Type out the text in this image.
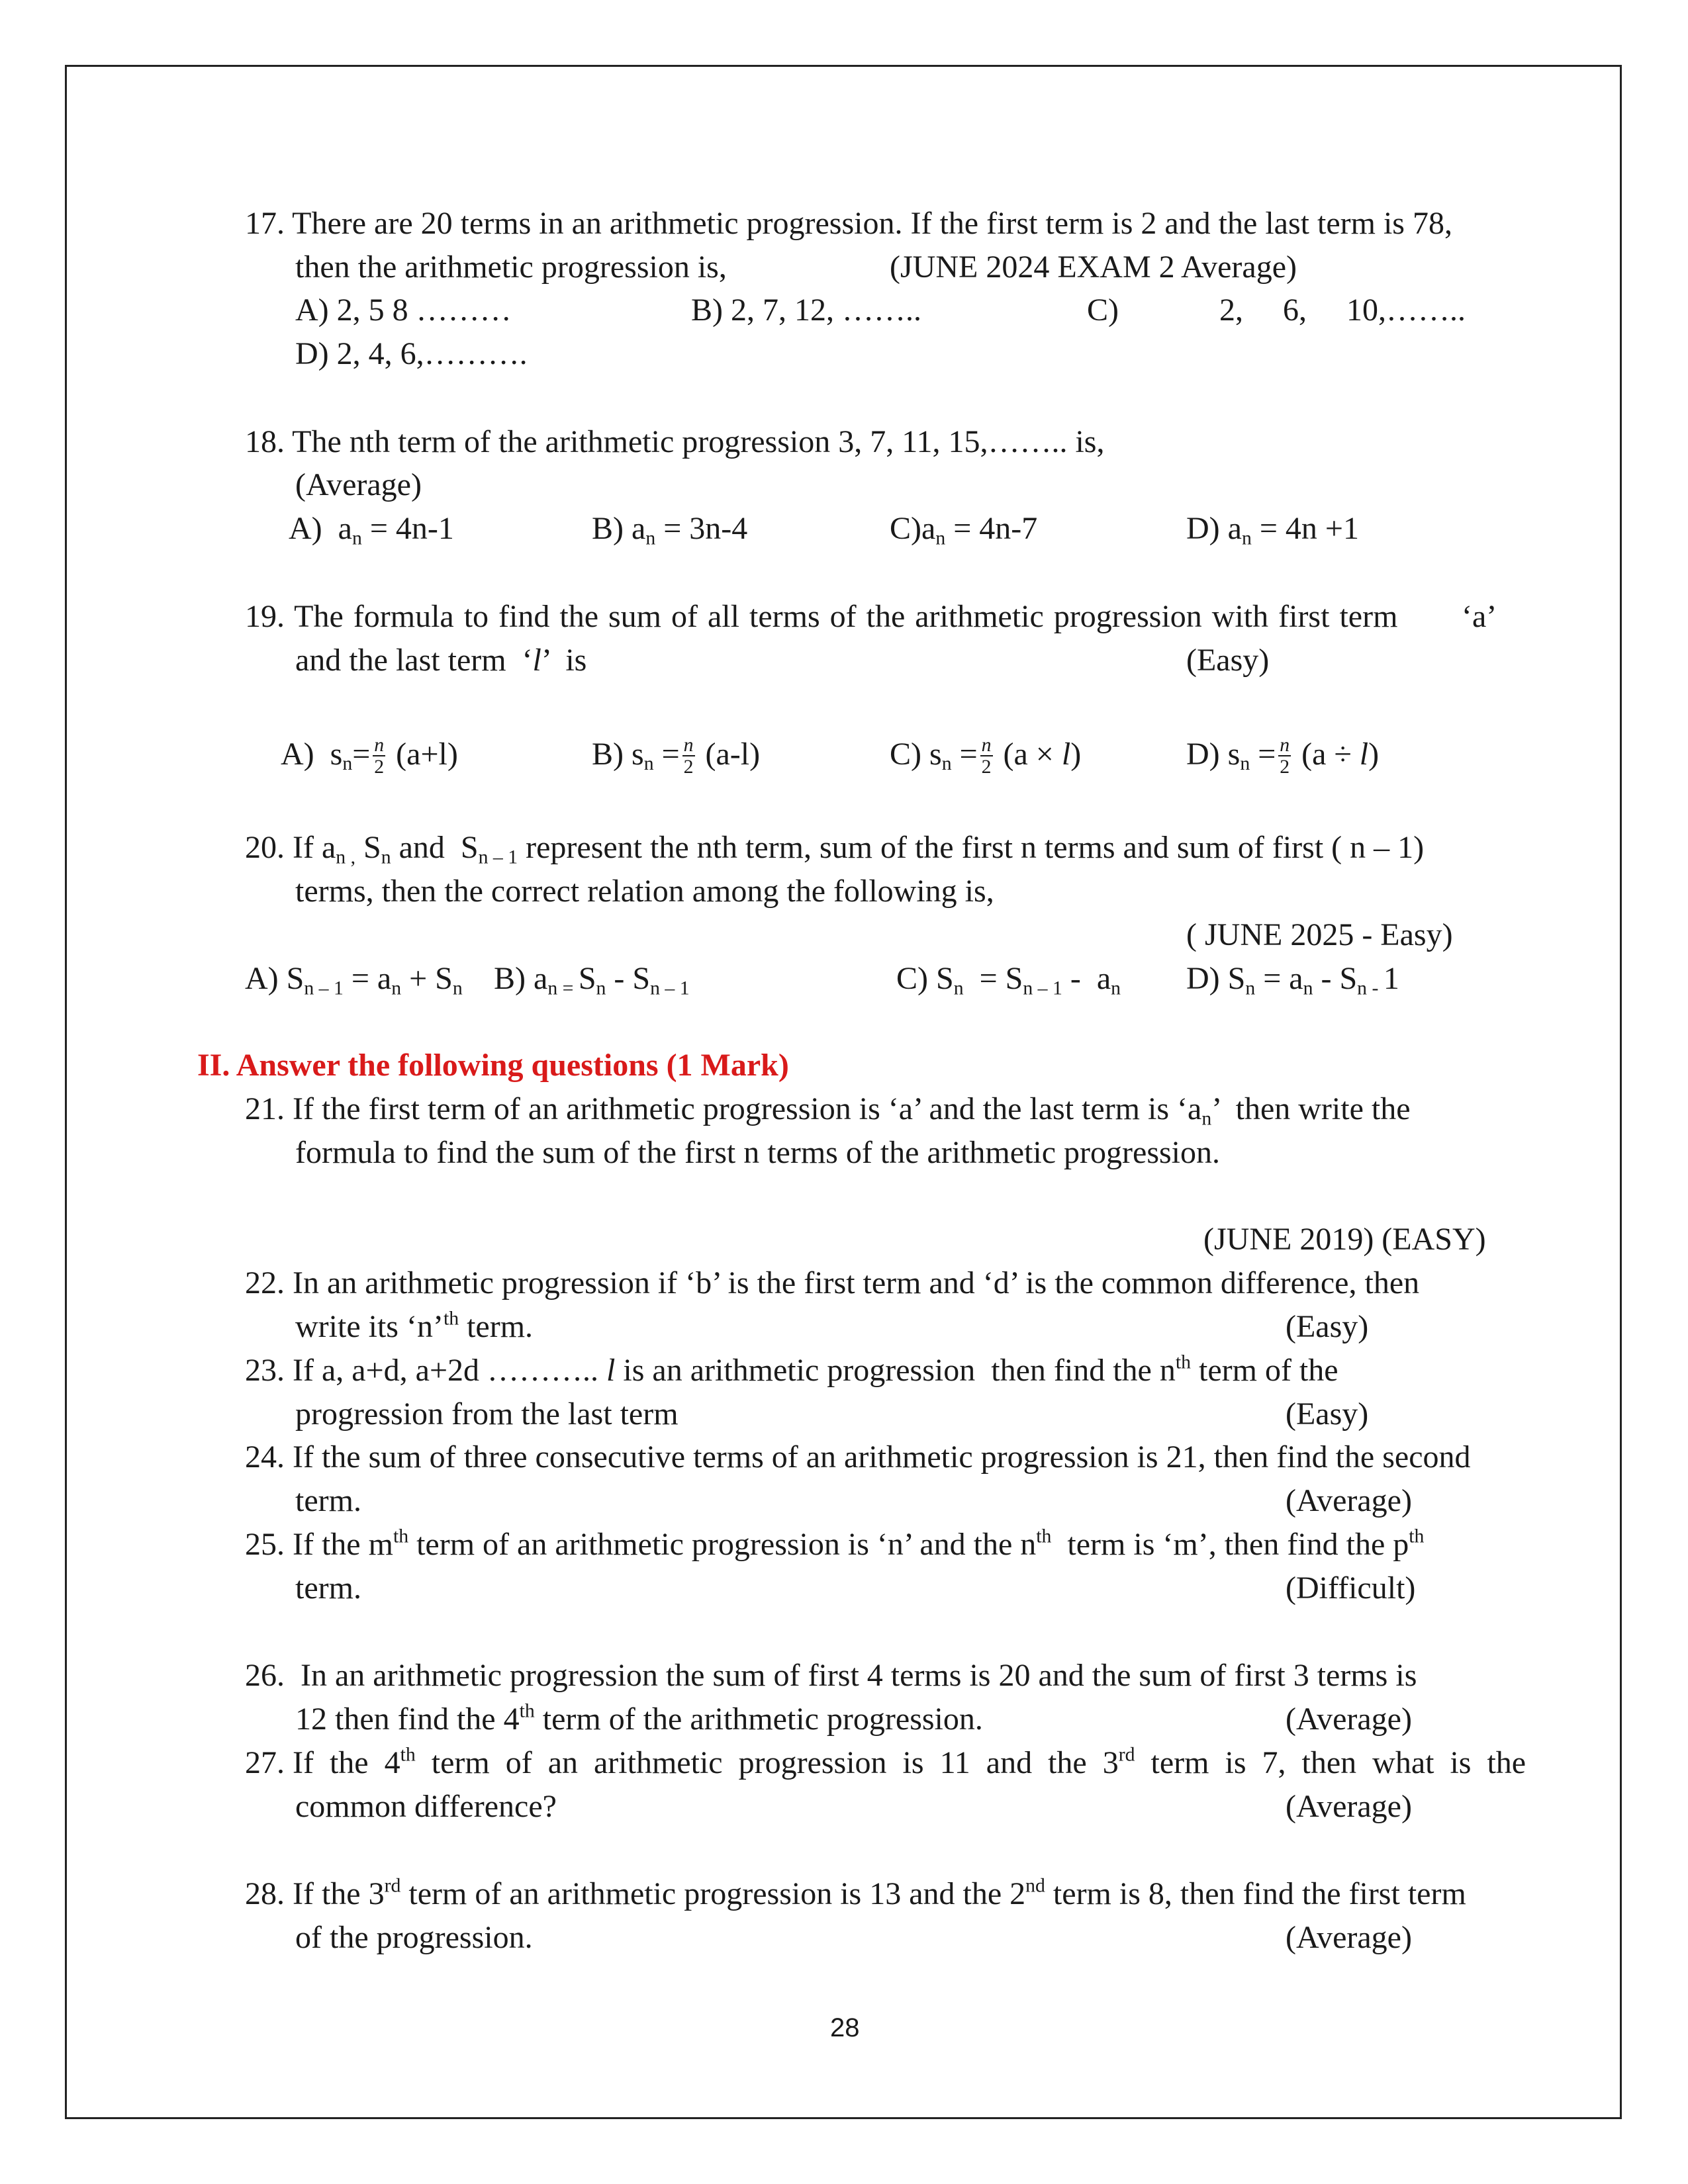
17. There are 20 terms in an arithmetic progression. If the first term is 2 and the last term is 78,
then the arithmetic progression is,	(JUNE 2024 EXAM 2 Average)
A) 2, 5 8 ………	B) 2, 7, 12, ……..	C)	2,     6,     10,……..
D) 2, 4, 6,……….
18. The nth term of the arithmetic progression 3, 7, 11, 15,…….. is,
(Average)
A)  $a_n = 4n-1$	B) $a_n = 3n-4$	$C)a_n = 4n-7$	D) $a_n = 4n +1$
19. The formula to find the sum of all terms of the arithmetic progression with first term ‘a’
and the last term  ‘l’  is	(Easy)
A)  $s_n= \frac{n}{2} (a+l)$	B) $s_n = \frac{n}{2} (a-l)$	C) $s_n = \frac{n}{2} (a \times l)$	D) $s_n = \frac{n}{2} (a \div l)$
20. If $a_{n ,}$ $S_n$ and  $S_{n - 1}$ represent the nth term, sum of the first n terms and sum of first ( n – 1)
terms, then the correct relation among the following is,
( JUNE 2025 - Easy)
A) $S_{n - 1} = a_n + S_n$ B) $a_{n =}$ $S_n - S_{n - 1}$	C) $S_n = S_{n - 1} - a_n$ D) $S_n = a_n - S_{n -}$ 1
II. Answer the following questions (1 Mark)
21. If the first term of an arithmetic progression is ‘a’ and the last term is ‘$a_n$’  then write the
formula to find the sum of the first n terms of the arithmetic progression.
(JUNE 2019) (EASY)
22. In an arithmetic progression if ‘b’ is the first term and ‘d’ is the common difference, then
write its ‘n’$^{th}$ term.	(Easy)
23. If a, a+d, a+2d ……….. l is an arithmetic progression  then find the $n^{th}$ term of the
progression from the last term	(Easy)
24. If the sum of three consecutive terms of an arithmetic progression is 21, then find the second
term.	(Average)
25. If the $m^{th}$ term of an arithmetic progression is ‘n’ and the $n^{th}$  term is ‘m’, then find the $p^{th}$
term.	(Difficult)
26.  In an arithmetic progression the sum of first 4 terms is 20 and the sum of first 3 terms is
12 then find the 4th term of the arithmetic progression.	(Average)
27. If  the  4th  term  of  an  arithmetic  progression  is  11  and  the  3rd  term  is  7,  then  what  is  the
common difference?	(Average)
28. If the 3rd term of an arithmetic progression is 13 and the 2nd term is 8, then find the first term
of the progression.	(Average)
28
